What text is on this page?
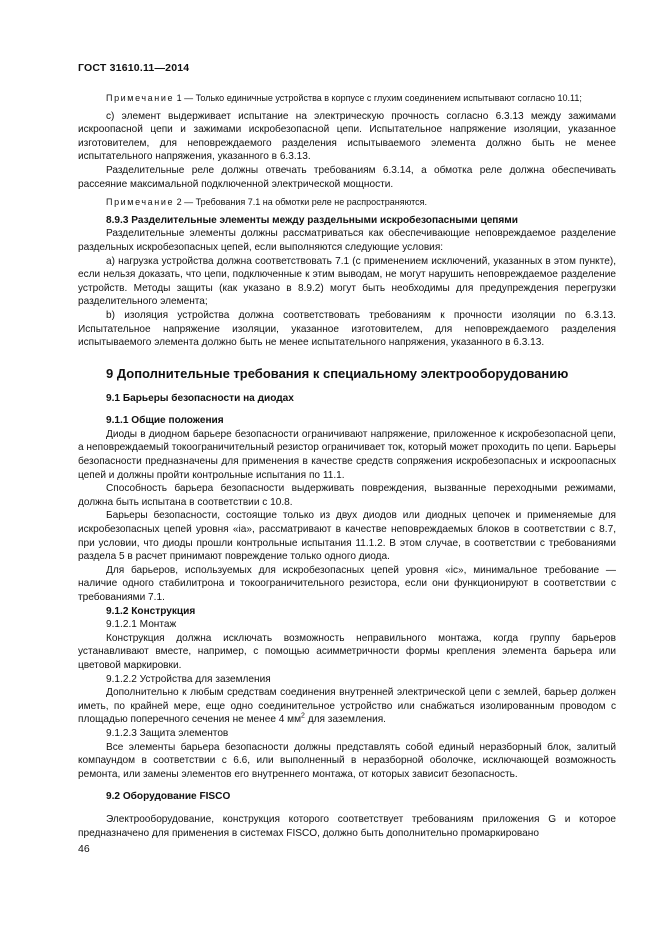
ГОСТ 31610.11—2014

Примечание 1 — Только единичные устройства в корпусе с глухим соединением испытывают согласно 10.11;

c) элемент выдерживает испытание на электрическую прочность согласно 6.3.13 между зажимами искроопасной цепи и зажимами искробезопасной цепи. Испытательное напряжение изоляции, указанное изготовителем, для неповреждаемого разделения испытываемого элемента должно быть не менее испытательного напряжения, указанного в 6.3.13.

Разделительные реле должны отвечать требованиям 6.3.14, а обмотка реле должна обеспечивать рассеяние максимальной подключенной электрической мощности.

Примечание 2 — Требования 7.1 на обмотки реле не распространяются.

8.9.3 Разделительные элементы между раздельными искробезопасными цепями

Разделительные элементы должны рассматриваться как обеспечивающие неповреждаемое разделение раздельных искробезопасных цепей, если выполняются следующие условия:

a) нагрузка устройства должна соответствовать 7.1 (с применением исключений, указанных в этом пункте), если нельзя доказать, что цепи, подключенные к этим выводам, не могут нарушить неповреждаемое разделение устройств. Методы защиты (как указано в 8.9.2) могут быть необходимы для предупреждения перегрузки разделительного элемента;

b) изоляция устройства должна соответствовать требованиям к прочности изоляции по 6.3.13. Испытательное напряжение изоляции, указанное изготовителем, для неповреждаемого разделения испытываемого элемента должно быть не менее испытательного напряжения, указанного в 6.3.13.

9 Дополнительные требования к специальному электрооборудованию
9.1 Барьеры безопасности на диодах

9.1.1 Общие положения

Диоды в диодном барьере безопасности ограничивают напряжение, приложенное к искробезопасной цепи, а неповреждаемый токоограничительный резистор ограничивает ток, который может проходить по цепи. Барьеры безопасности предназначены для применения в качестве средств сопряжения искробезопасных и искроопасных цепей и должны пройти контрольные испытания по 11.1.

Способность барьера безопасности выдерживать повреждения, вызванные переходными режимами, должна быть испытана в соответствии с 10.8.

Барьеры безопасности, состоящие только из двух диодов или диодных цепочек и применяемые для искробезопасных цепей уровня «ia», рассматривают в качестве неповреждаемых блоков в соответствии с 8.7, при условии, что диоды прошли контрольные испытания 11.1.2. В этом случае, в соответствии с требованиями раздела 5 в расчет принимают повреждение только одного диода.

Для барьеров, используемых для искробезопасных цепей уровня «ic», минимальное требование — наличие одного стабилитрона и токоограничительного резистора, если они функционируют в соответствии с требованиями 7.1.

9.1.2 Конструкция

9.1.2.1 Монтаж

Конструкция должна исключать возможность неправильного монтажа, когда группу барьеров устанавливают вместе, например, с помощью асимметричности формы крепления элемента барьера или цветовой маркировки.

9.1.2.2 Устройства для заземления

Дополнительно к любым средствам соединения внутренней электрической цепи с землей, барьер должен иметь, по крайней мере, еще одно соединительное устройство или снабжаться изолированным проводом с площадью поперечного сечения не менее 4 $мм^2$ для заземления.

9.1.2.3 Защита элементов

Все элементы барьера безопасности должны представлять собой единый неразборный блок, залитый компаундом в соответствии с 6.6, или выполненный в неразборной оболочке, исключающей возможность ремонта, или замены элементов его внутреннего монтажа, от которых зависит безопасность.

9.2 Оборудование FISCO

Электрооборудование, конструкция которого соответствует требованиям приложения G и которое предназначено для применения в системах FISCO, должно быть дополнительно промаркировано

46
